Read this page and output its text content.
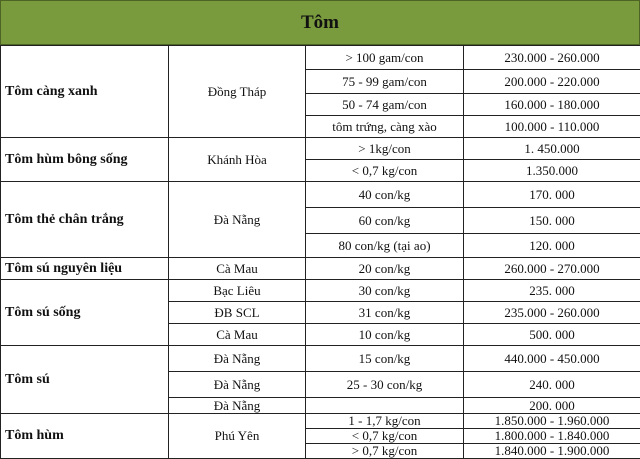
Tôm
Tôm càng xanh	Đồng Tháp	> 100 gam/con	230.000 - 260.000
		75 - 99 gam/con	200.000 - 220.000
		50 - 74 gam/con	160.000 - 180.000
		tôm trứng, càng xào	100.000 - 110.000
Tôm hùm bông sống	Khánh Hòa	> 1kg/con	1. 450.000
		< 0,7 kg/con	1.350.000
Tôm thẻ chân trắng	Đà Nẵng	40 con/kg	170. 000
		60 con/kg	150. 000
		80 con/kg (tại ao)	120. 000
Tôm sú nguyên liệu	Cà Mau	20 con/kg	260.000 - 270.000
Tôm sú sống	Bạc Liêu	30 con/kg	235. 000
	ĐB SCL	31 con/kg	235.000 - 260.000
	Cà Mau	10 con/kg	500. 000
Tôm sú	Đà Nẵng	15 con/kg	440.000 - 450.000
	Đà Nẵng	25 - 30 con/kg	240. 000
	Đà Nẵng		200. 000
Tôm hùm	Phú Yên	1 - 1,7 kg/con	1.850.000 - 1.960.000
		< 0,7 kg/con	1.800.000 - 1.840.000
		> 0,7 kg/con	1.840.000 - 1.900.000
